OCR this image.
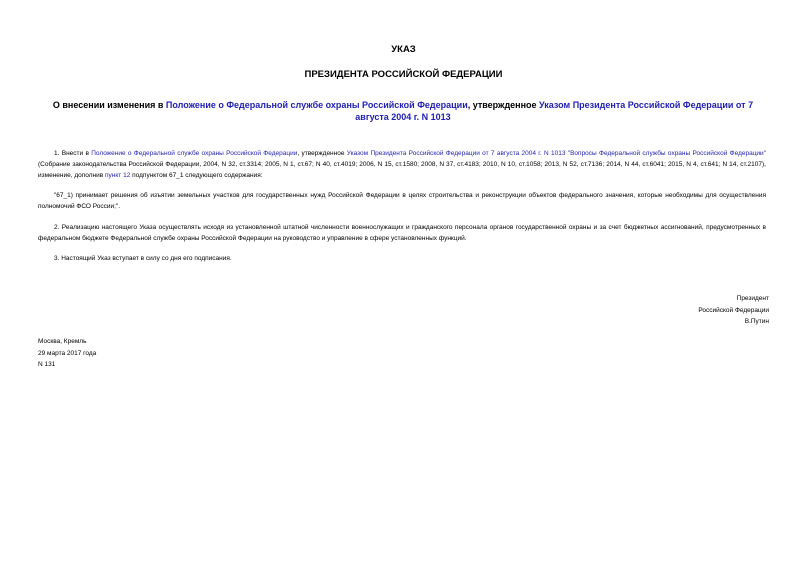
УКАЗ
ПРЕЗИДЕНТА РОССИЙСКОЙ ФЕДЕРАЦИИ
О внесении изменения в Положение о Федеральной службе охраны Российской Федерации, утвержденное Указом Президента Российской Федерации от 7 августа 2004 г. N 1013

1. Внести в Положение о Федеральной службе охраны Российской Федерации, утвержденное Указом Президента Российской Федерации от 7 августа 2004 г. N 1013 "Вопросы Федеральной службы охраны Российской Федерации" (Собрание законодательства Российской Федерации, 2004, N 32, ст.3314; 2005, N 1, ст.67; N 40, ст.4019; 2006, N 15, ст.1580; 2008, N 37, ст.4183; 2010, N 10, ст.1058; 2013, N 52, ст.7136; 2014, N 44, ст.6041; 2015, N 4, ст.641; N 14, ст.2107), изменение, дополнив пункт 12 подпунктом 67_1 следующего содержания:

"67_1) принимает решения об изъятии земельных участков для государственных нужд Российской Федерации в целях строительства и реконструкции объектов федерального значения, которые необходимы для осуществления полномочий ФСО России;".

2. Реализацию настоящего Указа осуществлять исходя из установленной штатной численности военнослужащих и гражданского персонала органов государственной охраны и за счет бюджетных ассигнований, предусмотренных в федеральном бюджете Федеральной службе охраны Российской Федерации на руководство и управление в сфере установленных функций.

3. Настоящий Указ вступает в силу со дня его подписания.

Президент
Российской Федерации
В.Путин
Москва, Кремль
29 марта 2017 года
N 131
